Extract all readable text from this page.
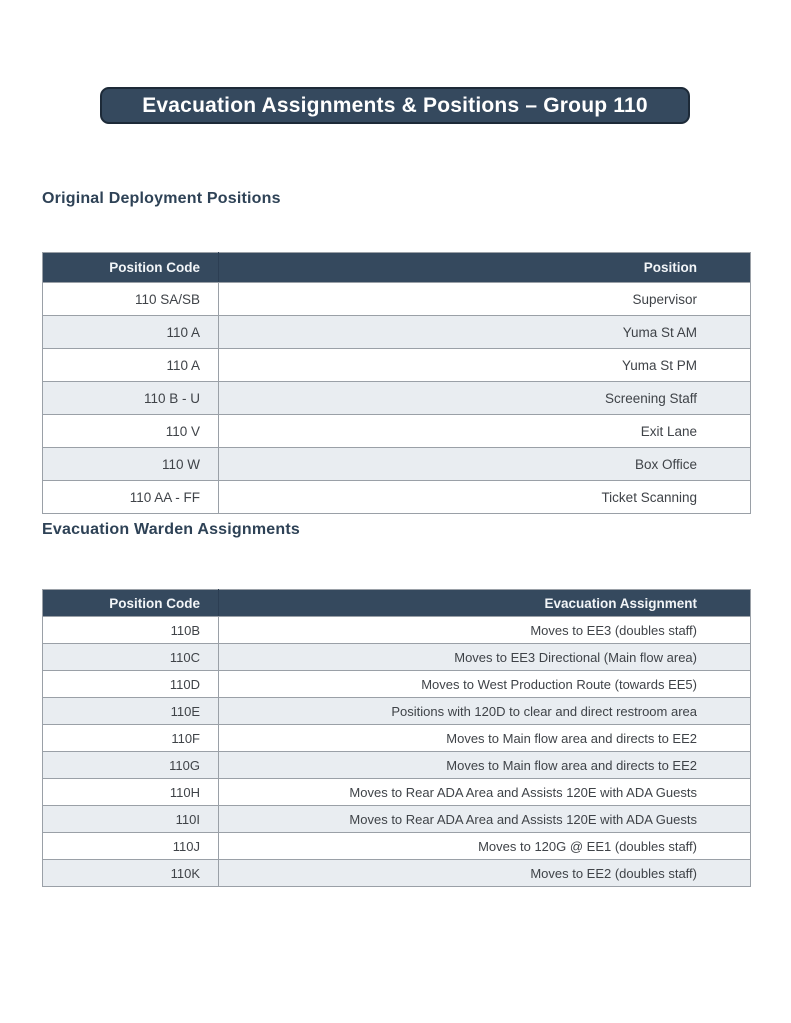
Evacuation Assignments & Positions – Group 110
Original Deployment Positions
Position Code	Position
110 SA/SB	Supervisor
110 A	Yuma St AM
110 A	Yuma St PM
110 B - U	Screening Staff
110 V	Exit Lane
110 W	Box Office
110 AA - FF	Ticket Scanning
Evacuation Warden Assignments
Position Code	Evacuation Assignment
110B	Moves to EE3 (doubles staff)
110C	Moves to EE3 Directional (Main flow area)
110D	Moves to West Production Route (towards EE5)
110E	Positions with 120D to clear and direct restroom area
110F	Moves to Main flow area and directs to EE2
110G	Moves to Main flow area and directs to EE2
110H	Moves to Rear ADA Area and Assists 120E with ADA Guests
110I	Moves to Rear ADA Area and Assists 120E with ADA Guests
110J	Moves to 120G @ EE1 (doubles staff)
110K	Moves to EE2 (doubles staff)
